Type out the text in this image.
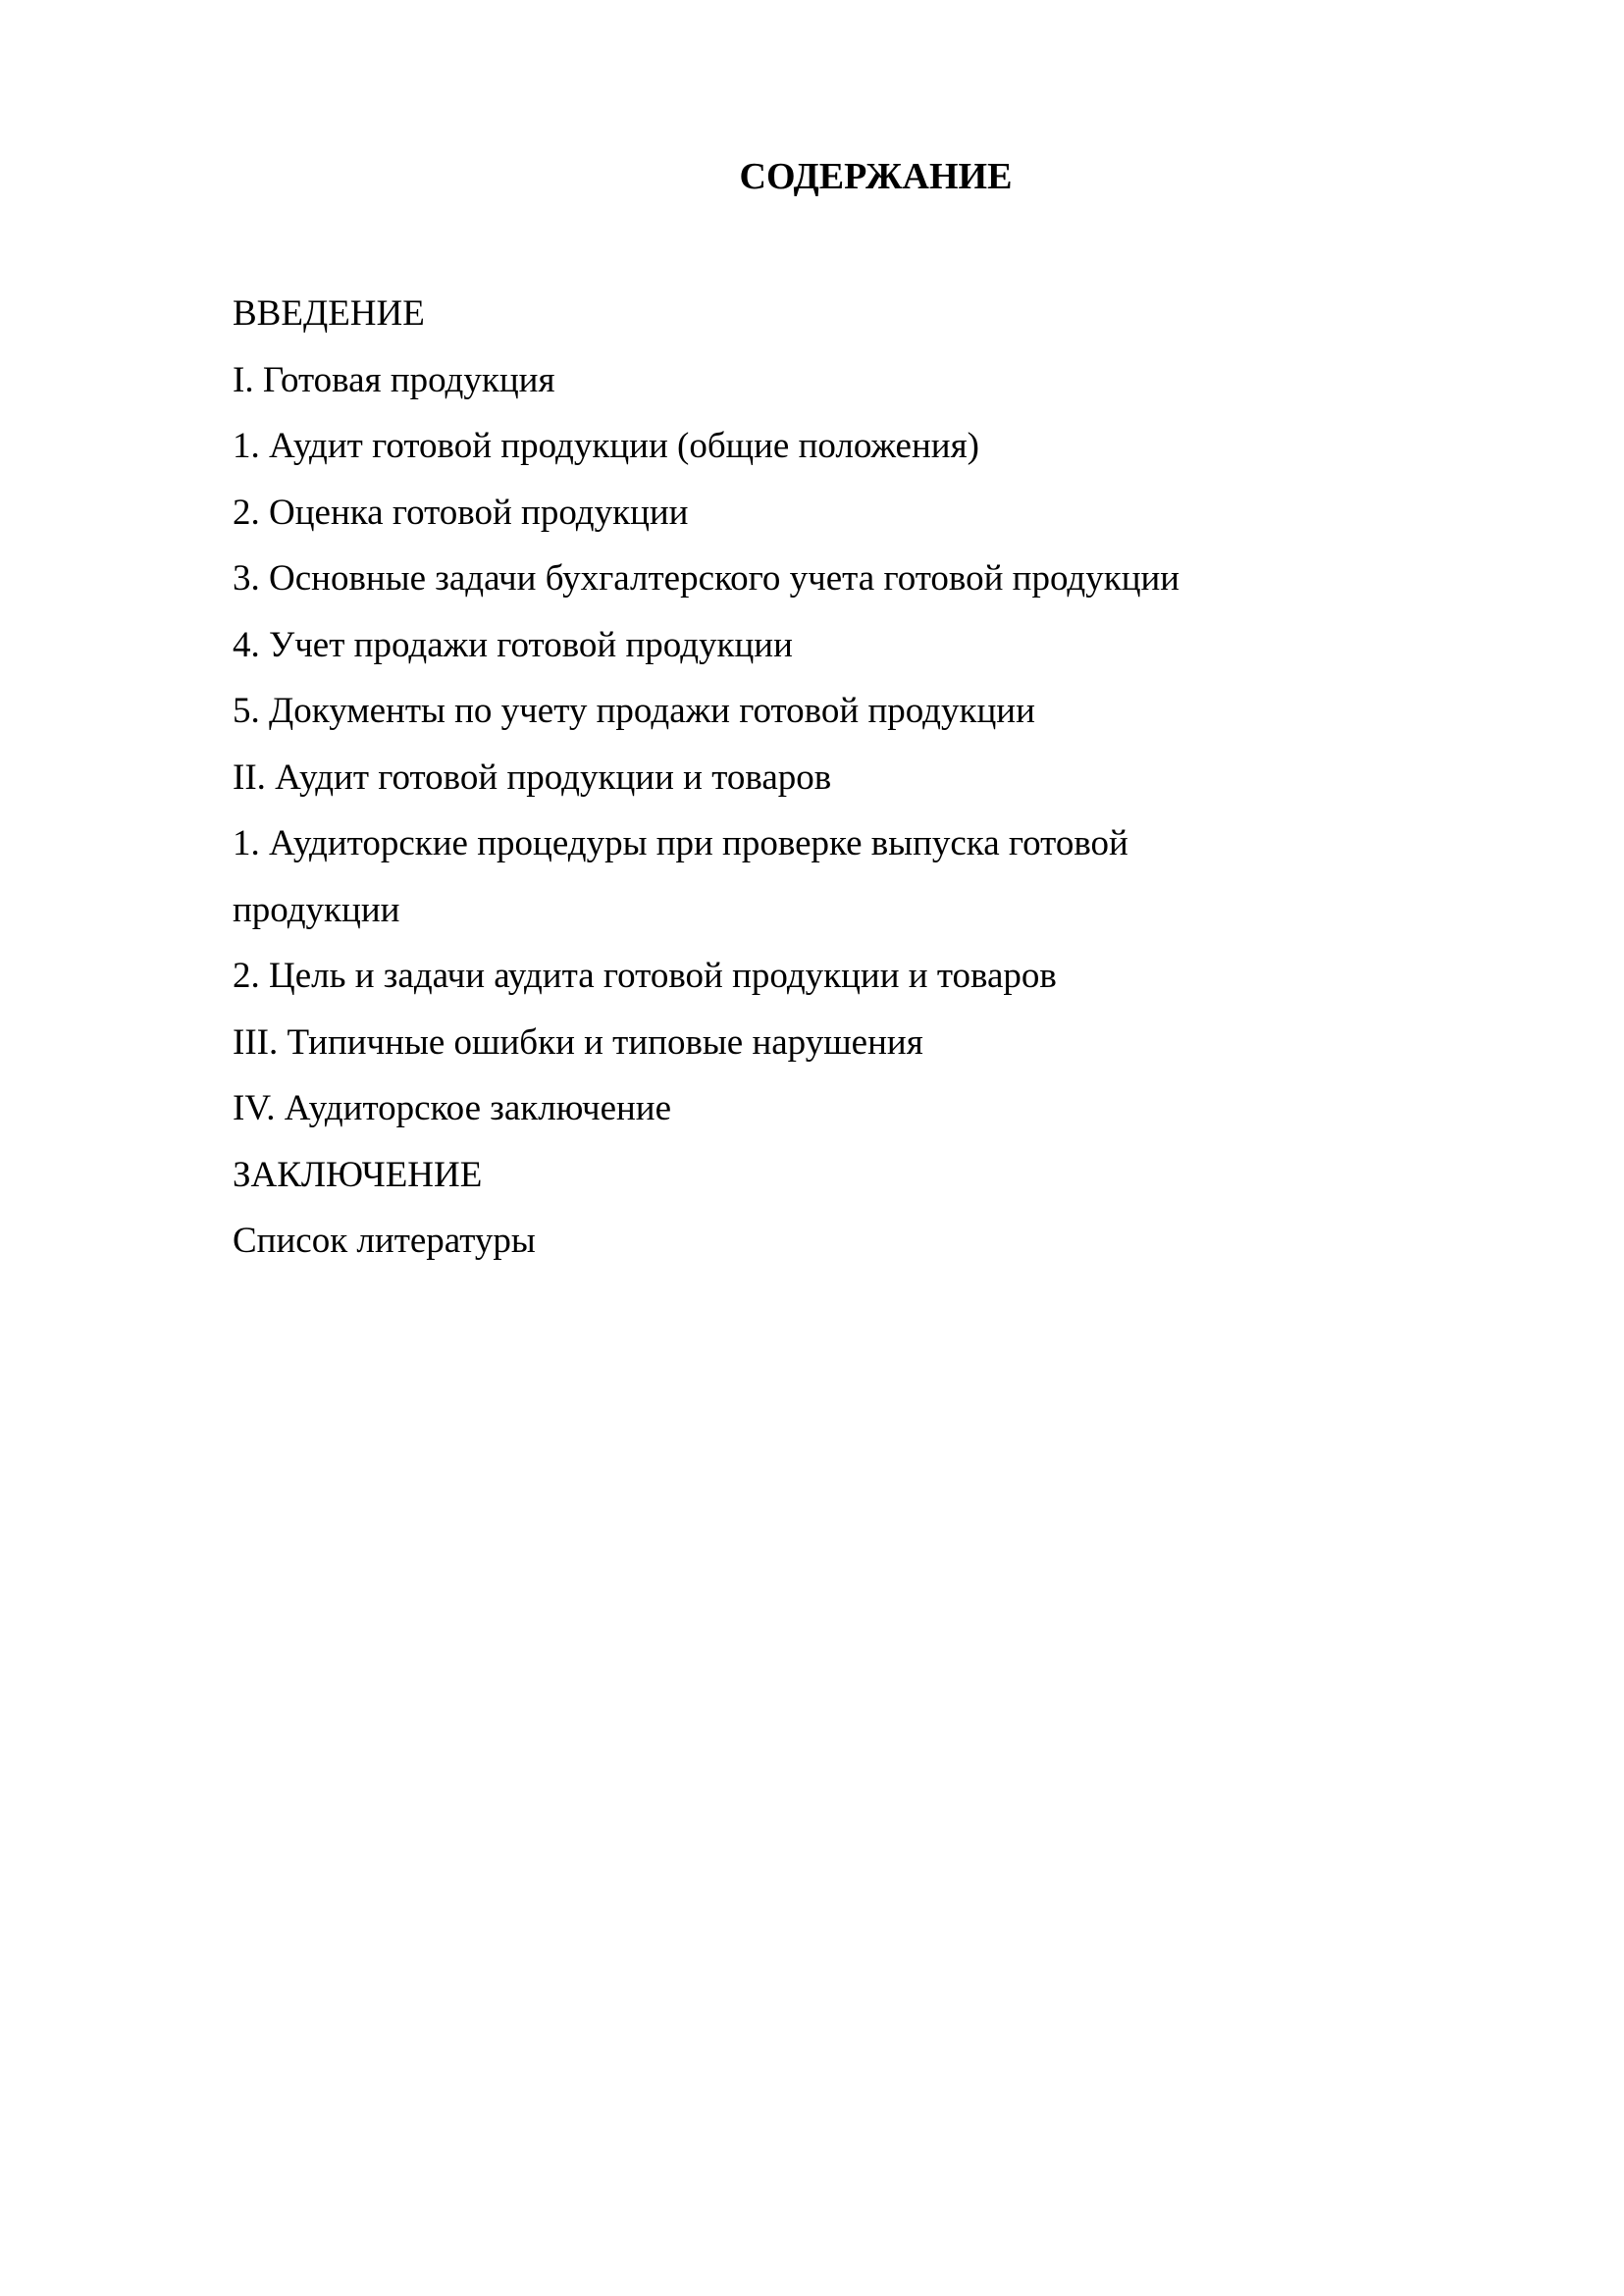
СОДЕРЖАНИЕ
ВВЕДЕНИЕ
I. Готовая продукция
1. Аудит готовой продукции (общие положения)
2. Оценка готовой продукции
3. Основные задачи бухгалтерского учета готовой продукции
4. Учет продажи готовой продукции
5. Документы по учету продажи готовой продукции
II. Аудит готовой продукции и товаров
1. Аудиторские процедуры при проверке выпуска готовой продукции
2. Цель и задачи аудита готовой продукции и товаров
III. Типичные ошибки и типовые нарушения
IV. Аудиторское заключение
ЗАКЛЮЧЕНИЕ
Список литературы
